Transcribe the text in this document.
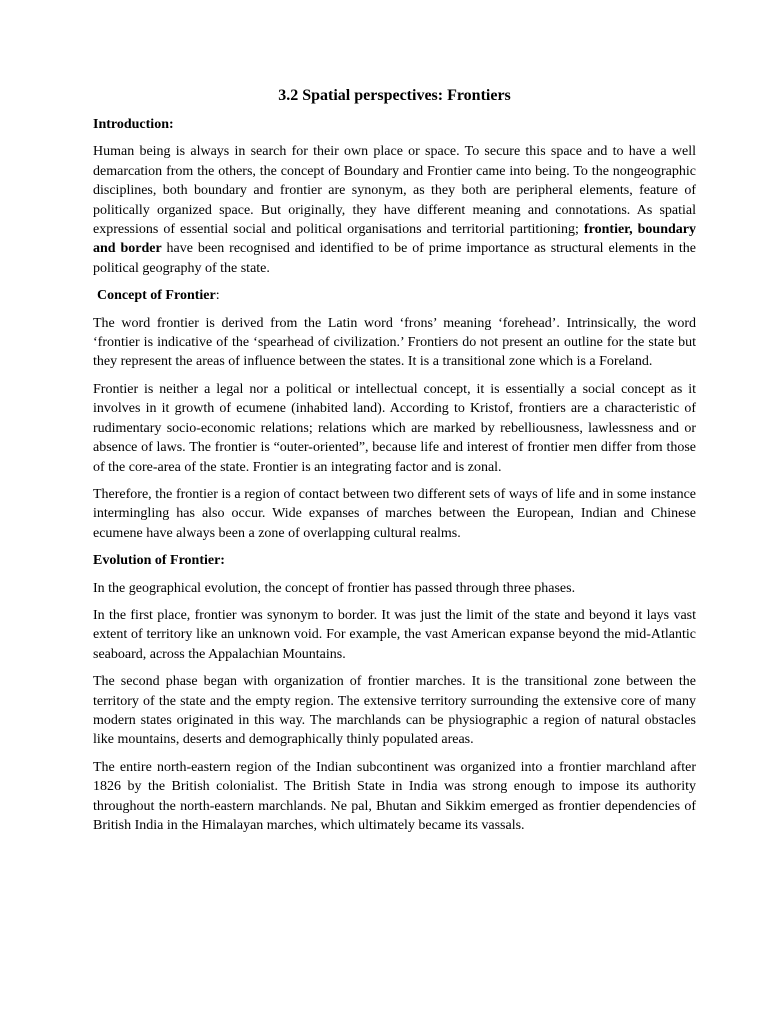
3.2 Spatial perspectives: Frontiers
Introduction:

Human being is always in search for their own place or space. To secure this space and to have a well demarcation from the others, the concept of Boundary and Frontier came into being. To the nongeographic disciplines, both boundary and frontier are synonym, as they both are peripheral elements, feature of politically organized space. But originally, they have different meaning and connotations. As spatial expressions of essential social and political organisations and territorial partitioning; frontier, boundary and border have been recognised and identified to be of prime importance as structural elements in the political geography of the state.

Concept of Frontier:

The word frontier is derived from the Latin word ‘frons’ meaning ‘forehead’. Intrinsically, the word ‘frontier is indicative of the ‘spearhead of civilization.’ Frontiers do not present an outline for the state but they represent the areas of influence between the states. It is a transitional zone which is a Foreland.

Frontier is neither a legal nor a political or intellectual concept, it is essentially a social concept as it involves in it growth of ecumene (inhabited land). According to Kristof, frontiers are a characteristic of rudimentary socio-economic relations; relations which are marked by rebelliousness, lawlessness and or absence of laws. The frontier is “outer-oriented”, because life and interest of frontier men differ from those of the core-area of the state. Frontier is an integrating factor and is zonal.

Therefore, the frontier is a region of contact between two different sets of ways of life and in some instance intermingling has also occur. Wide expanses of marches between the European, Indian and Chinese ecumene have always been a zone of overlapping cultural realms.

Evolution of Frontier:

In the geographical evolution, the concept of frontier has passed through three phases.

In the first place, frontier was synonym to border. It was just the limit of the state and beyond it lays vast extent of territory like an unknown void. For example, the vast American expanse beyond the mid-Atlantic seaboard, across the Appalachian Mountains.

The second phase began with organization of frontier marches. It is the transitional zone between the territory of the state and the empty region. The extensive territory surrounding the extensive core of many modern states originated in this way. The marchlands can be physiographic a region of natural obstacles like mountains, deserts and demographically thinly populated areas.

The entire north-eastern region of the Indian subcontinent was organized into a frontier marchland after 1826 by the British colonialist. The British State in India was strong enough to impose its authority throughout the north-eastern marchlands. Ne pal, Bhutan and Sikkim emerged as frontier dependencies of British India in the Himalayan marches, which ultimately became its vassals.
